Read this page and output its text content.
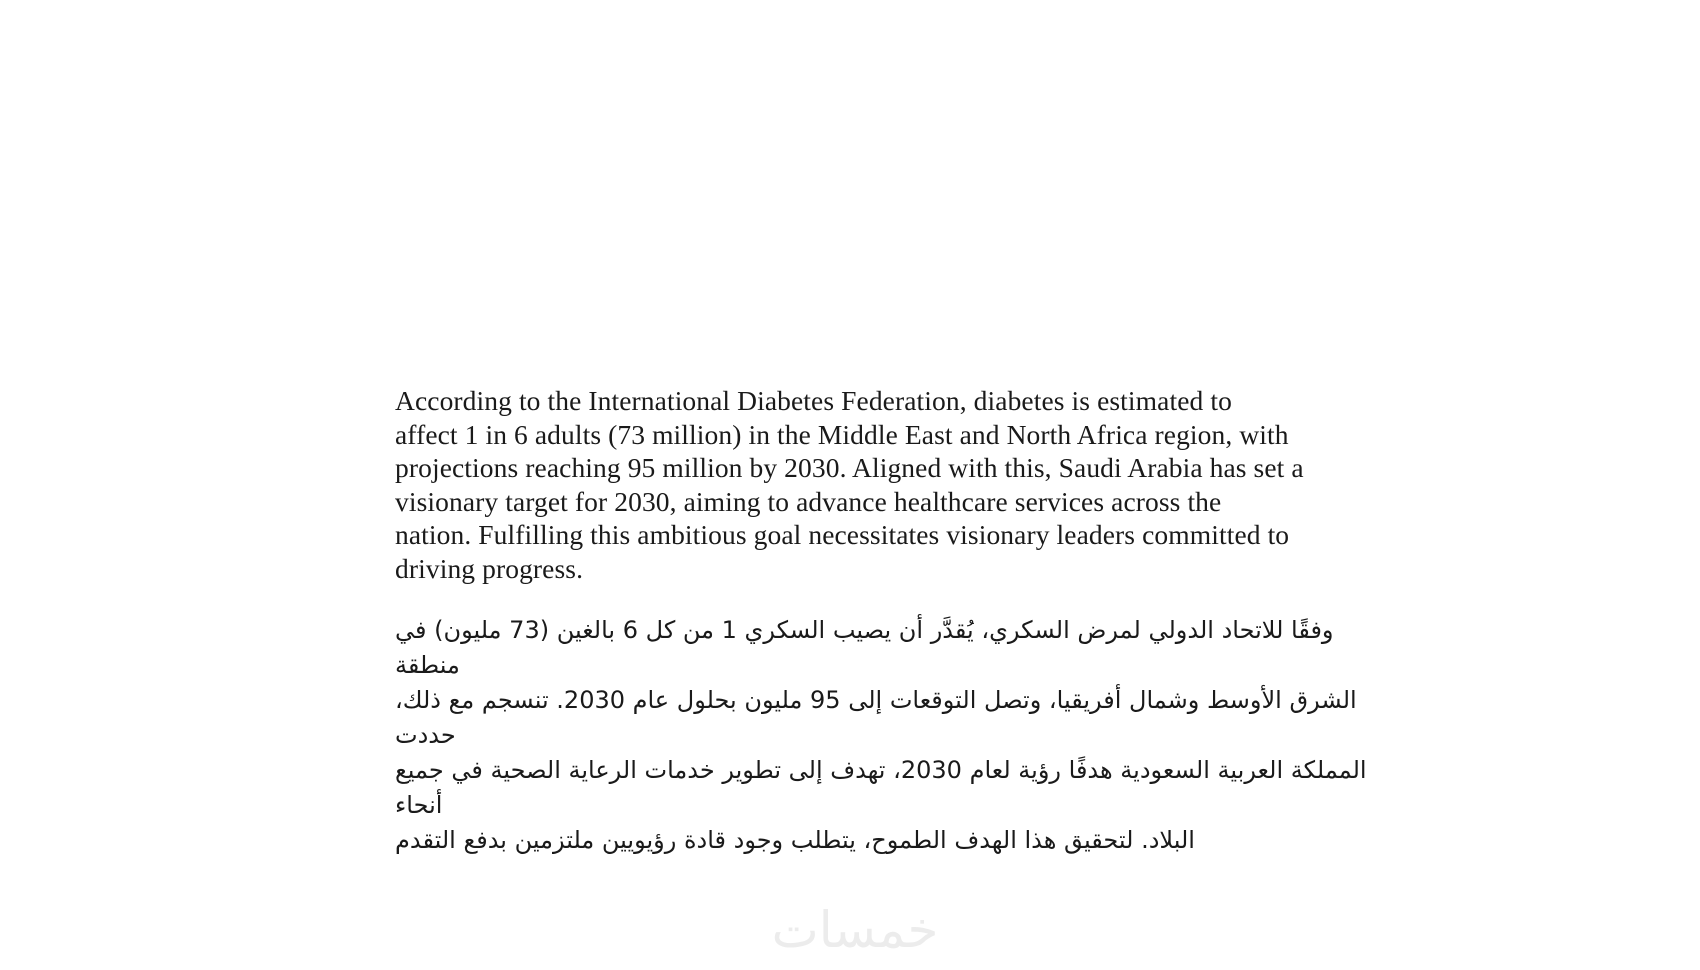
According to the International Diabetes Federation, diabetes is estimated to
affect 1 in 6 adults (73 million) in the Middle East and North Africa region, with
projections reaching 95 million by 2030. Aligned with this, Saudi Arabia has set a
visionary target for 2030, aiming to advance healthcare services across the
nation. Fulfilling this ambitious goal necessitates visionary leaders committed to
driving progress.

وفقًا للاتحاد الدولي لمرض السكري، يُقدَّر أن يصيب السكري 1 من كل 6 بالغين (73 مليون) في منطقة
الشرق الأوسط وشمال أفريقيا، وتصل التوقعات إلى 95 مليون بحلول عام 2030. تنسجم مع ذلك، حددت
المملكة العربية السعودية هدفًا رؤية لعام 2030، تهدف إلى تطوير خدمات الرعاية الصحية في جميع أنحاء
البلاد. لتحقيق هذا الهدف الطموح، يتطلب وجود قادة رؤيويين ملتزمين بدفع التقدم

خمسات
